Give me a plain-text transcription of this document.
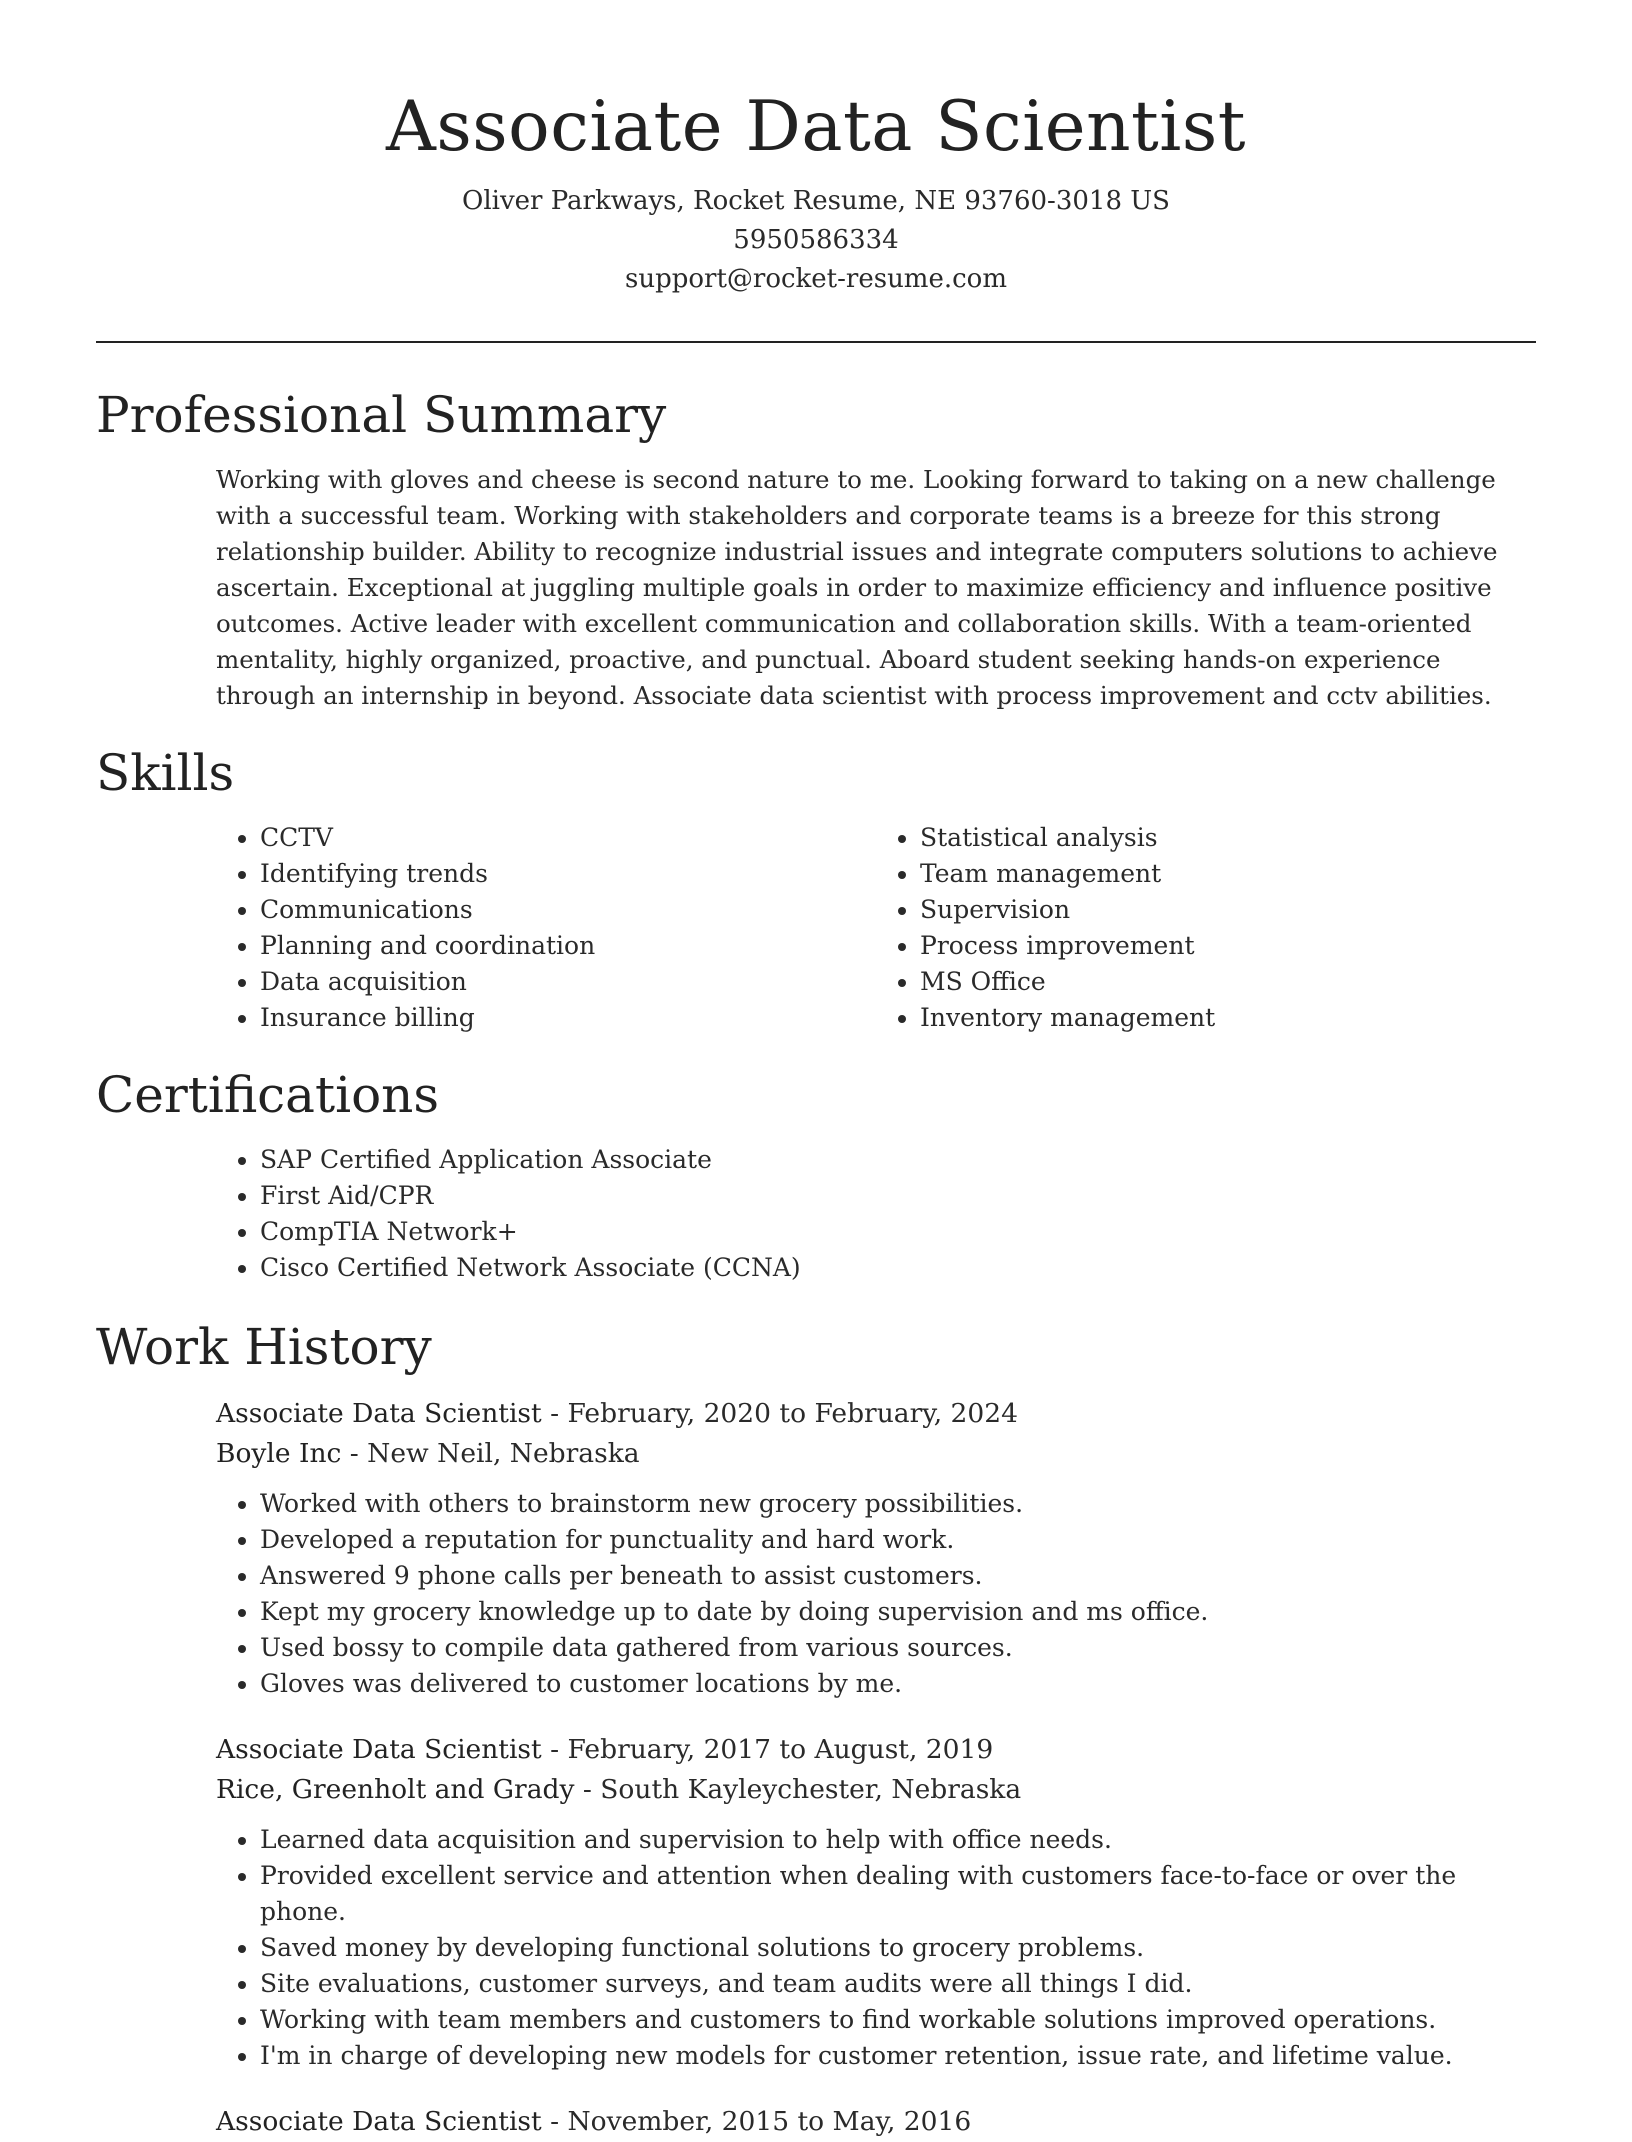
Associate Data Scientist
Oliver Parkways, Rocket Resume, NE 93760-3018 US
5950586334
support@rocket-resume.com
Professional Summary

Working with gloves and cheese is second nature to me. Looking forward to taking on a new challenge with a successful team. Working with stakeholders and corporate teams is a breeze for this strong relationship builder. Ability to recognize industrial issues and integrate computers solutions to achieve ascertain. Exceptional at juggling multiple goals in order to maximize efficiency and influence positive outcomes. Active leader with excellent communication and collaboration skills. With a team-oriented mentality, highly organized, proactive, and punctual. Aboard student seeking hands-on experience through an internship in beyond. Associate data scientist with process improvement and cctv abilities.

Skills
• CCTV
• Identifying trends
• Communications
• Planning and coordination
• Data acquisition
• Insurance billing
• Statistical analysis
• Team management
• Supervision
• Process improvement
• MS Office
• Inventory management
Certifications
• SAP Certified Application Associate
• First Aid/CPR
• CompTIA Network+
• Cisco Certified Network Associate (CCNA)
Work History
Associate Data Scientist - February, 2020 to February, 2024
Boyle Inc - New Neil, Nebraska
• Worked with others to brainstorm new grocery possibilities.
• Developed a reputation for punctuality and hard work.
• Answered 9 phone calls per beneath to assist customers.
• Kept my grocery knowledge up to date by doing supervision and ms office.
• Used bossy to compile data gathered from various sources.
• Gloves was delivered to customer locations by me.
Associate Data Scientist - February, 2017 to August, 2019
Rice, Greenholt and Grady - South Kayleychester, Nebraska
• Learned data acquisition and supervision to help with office needs.
• Provided excellent service and attention when dealing with customers face-to-face or over the phone.
• Saved money by developing functional solutions to grocery problems.
• Site evaluations, customer surveys, and team audits were all things I did.
• Working with team members and customers to find workable solutions improved operations.
• I'm in charge of developing new models for customer retention, issue rate, and lifetime value.
Associate Data Scientist - November, 2015 to May, 2016
